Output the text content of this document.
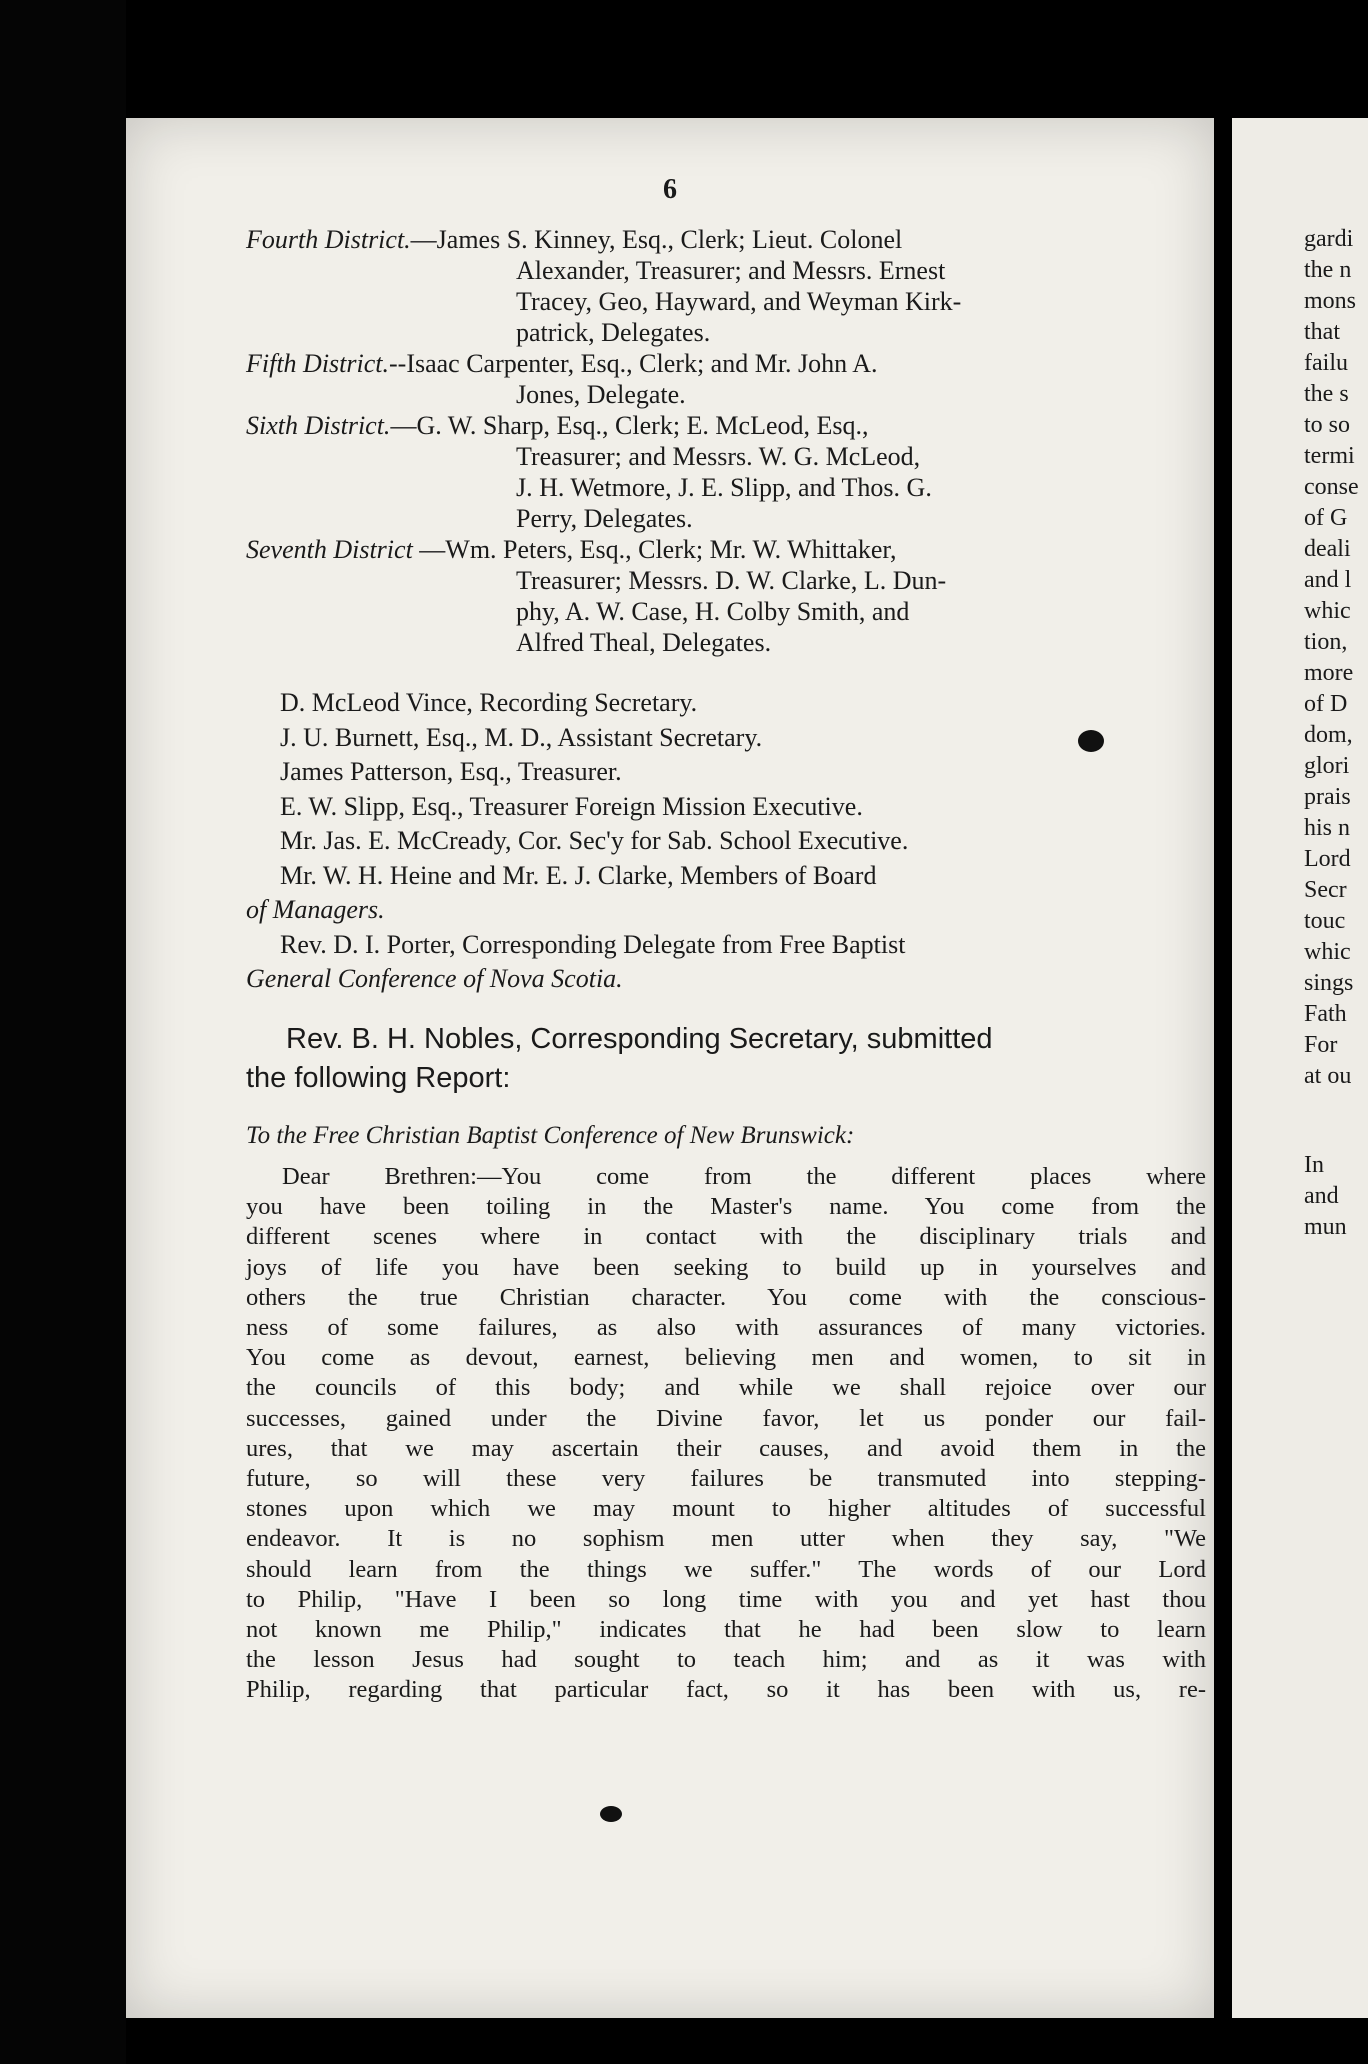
6
Fourth District.—James S. Kinney, Esq., Clerk; Lieut. Colonel
Alexander, Treasurer; and Messrs. Ernest
Tracey, Geo, Hayward, and Weyman Kirk-
patrick, Delegates.
Fifth District.--Isaac Carpenter, Esq., Clerk; and Mr. John A.
Jones, Delegate.
Sixth District.—G. W. Sharp, Esq., Clerk; E. McLeod, Esq.,
Treasurer; and Messrs. W. G. McLeod,
J. H. Wetmore, J. E. Slipp, and Thos. G.
Perry, Delegates.
Seventh District —Wm. Peters, Esq., Clerk; Mr. W. Whittaker,
Treasurer; Messrs. D. W. Clarke, L. Dun-
phy, A. W. Case, H. Colby Smith, and
Alfred Theal, Delegates.
D. McLeod Vince, Recording Secretary.
J. U. Burnett, Esq., M. D., Assistant Secretary.
James Patterson, Esq., Treasurer.
E. W. Slipp, Esq., Treasurer Foreign Mission Executive.
Mr. Jas. E. McCready, Cor. Sec'y for Sab. School Executive.
Mr. W. H. Heine and Mr. E. J. Clarke, Members of Board
of Managers.
Rev. D. I. Porter, Corresponding Delegate from Free Baptist
General Conference of Nova Scotia.
Rev. B. H. Nobles, Corresponding Secretary, submitted
the following Report:
To the Free Christian Baptist Conference of New Brunswick:
Dear Brethren:—You come from the different places where
you have been toiling in the Master's name. You come from the
different scenes where in contact with the disciplinary trials and
joys of life you have been seeking to build up in yourselves and
others the true Christian character. You come with the conscious-
ness of some failures, as also with assurances of many victories.
You come as devout, earnest, believing men and women, to sit in
the councils of this body; and while we shall rejoice over our
successes, gained under the Divine favor, let us ponder our fail-
ures, that we may ascertain their causes, and avoid them in the
future, so will these very failures be transmuted into stepping-
stones upon which we may mount to higher altitudes of successful
endeavor. It is no sophism men utter when they say, "We
should learn from the things we suffer." The words of our Lord
to Philip, "Have I been so long time with you and yet hast thou
not known me Philip," indicates that he had been slow to learn
the lesson Jesus had sought to teach him; and as it was with
Philip, regarding that particular fact, so it has been with us, re-
gardi
the n
mons
that
failu
the s
to so
termi
conse
of G
deali
and l
whic
tion,
more
of D
dom,
glori
prais
his n
Lord
Secr
touc
whic
sings
Fath
For
at ou
In
and
mun
